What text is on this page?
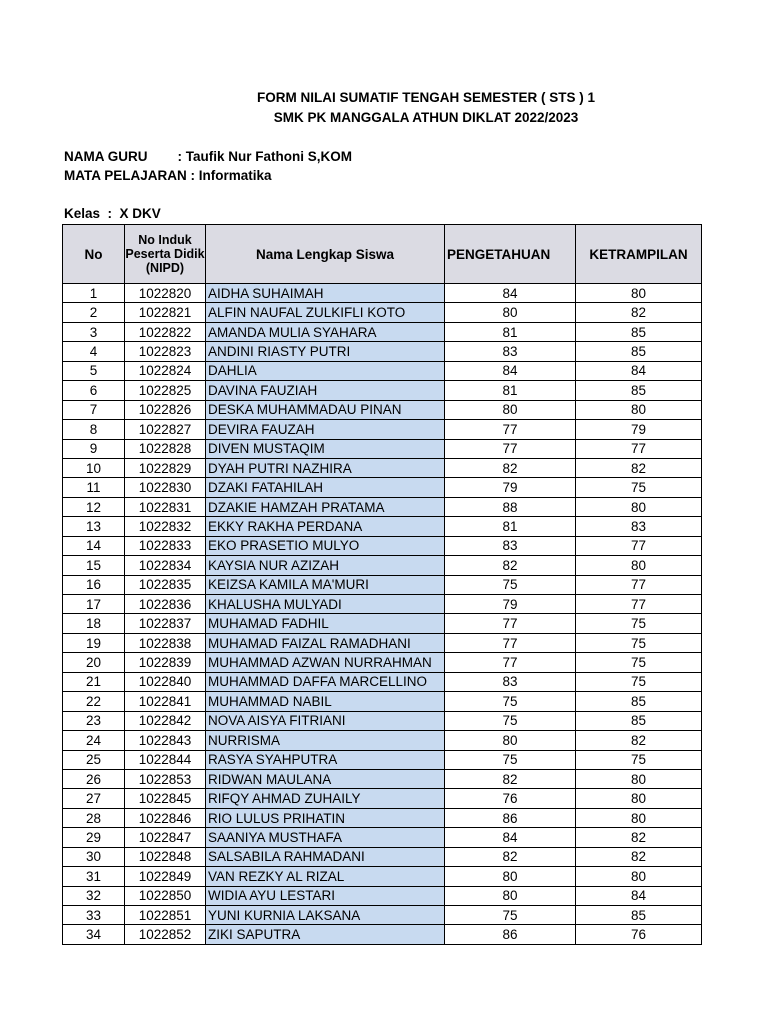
FORM NILAI SUMATIF TENGAH SEMESTER ( STS ) 1
SMK PK MANGGALA ATHUN DIKLAT 2022/2023
NAMA GURU        : Taufik Nur Fathoni S,KOM
MATA PELAJARAN : Informatika
Kelas  :  X DKV
No	No Induk Peserta Didik (NIPD)	Nama Lengkap Siswa	PENGETAHUAN	KETRAMPILAN
1	1022820	AIDHA SUHAIMAH	84	80
2	1022821	ALFIN NAUFAL ZULKIFLI KOTO	80	82
3	1022822	AMANDA MULIA SYAHARA	81	85
4	1022823	ANDINI RIASTY PUTRI	83	85
5	1022824	DAHLIA	84	84
6	1022825	DAVINA FAUZIAH	81	85
7	1022826	DESKA MUHAMMADAU PINAN	80	80
8	1022827	DEVIRA FAUZAH	77	79
9	1022828	DIVEN MUSTAQIM	77	77
10	1022829	DYAH PUTRI NAZHIRA	82	82
11	1022830	DZAKI FATAHILAH	79	75
12	1022831	DZAKIE HAMZAH PRATAMA	88	80
13	1022832	EKKY RAKHA PERDANA	81	83
14	1022833	EKO PRASETIO MULYO	83	77
15	1022834	KAYSIA NUR AZIZAH	82	80
16	1022835	KEIZSA KAMILA MA'MURI	75	77
17	1022836	KHALUSHA MULYADI	79	77
18	1022837	MUHAMAD FADHIL	77	75
19	1022838	MUHAMAD FAIZAL RAMADHANI	77	75
20	1022839	MUHAMMAD AZWAN NURRAHMAN	77	75
21	1022840	MUHAMMAD DAFFA MARCELLINO	83	75
22	1022841	MUHAMMAD NABIL	75	85
23	1022842	NOVA AISYA FITRIANI	75	85
24	1022843	NURRISMA	80	82
25	1022844	RASYA SYAHPUTRA	75	75
26	1022853	RIDWAN MAULANA	82	80
27	1022845	RIFQY AHMAD ZUHAILY	76	80
28	1022846	RIO LULUS PRIHATIN	86	80
29	1022847	SAANIYA MUSTHAFA	84	82
30	1022848	SALSABILA RAHMADANI	82	82
31	1022849	VAN REZKY AL RIZAL	80	80
32	1022850	WIDIA AYU LESTARI	80	84
33	1022851	YUNI KURNIA LAKSANA	75	85
34	1022852	ZIKI SAPUTRA	86	76
